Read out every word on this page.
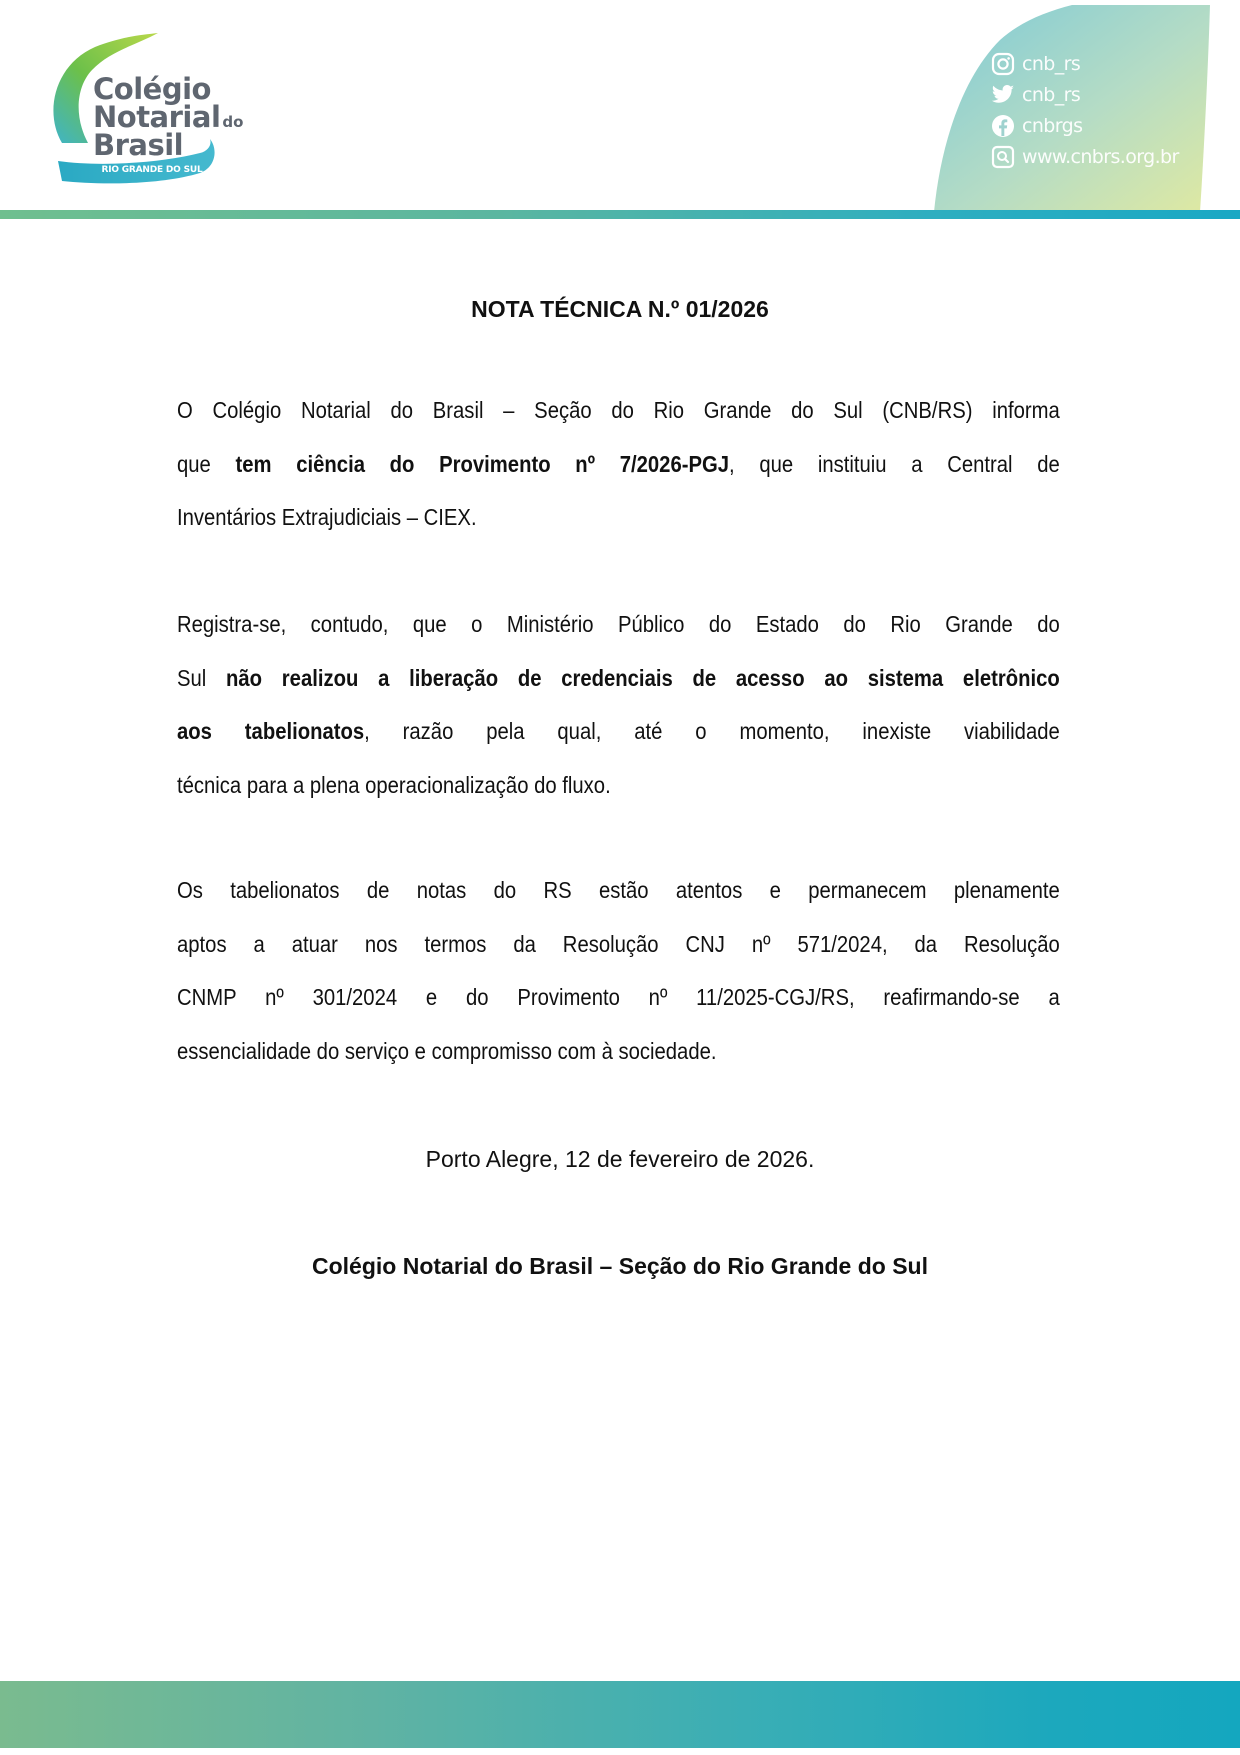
Colégio
Notarial do
Brasil
RIO GRANDE DO SUL
cnb_rs
cnb_rs
cnbrgs
www.cnbrs.org.br
NOTA TÉCNICA N.º 01/2026
O Colégio Notarial do Brasil – Seção do Rio Grande do Sul (CNB/RS) informa
que tem ciência do Provimento nº 7/2026-PGJ, que instituiu a Central de
Inventários Extrajudiciais – CIEX.
Registra-se, contudo, que o Ministério Público do Estado do Rio Grande do
Sul não realizou a liberação de credenciais de acesso ao sistema eletrônico
aos tabelionatos, razão pela qual, até o momento, inexiste viabilidade
técnica para a plena operacionalização do fluxo.
Os tabelionatos de notas do RS estão atentos e permanecem plenamente
aptos a atuar nos termos da Resolução CNJ nº 571/2024, da Resolução
CNMP nº 301/2024 e do Provimento nº 11/2025-CGJ/RS, reafirmando-se a
essencialidade do serviço e compromisso com à sociedade.
Porto Alegre, 12 de fevereiro de 2026.
Colégio Notarial do Brasil – Seção do Rio Grande do Sul
